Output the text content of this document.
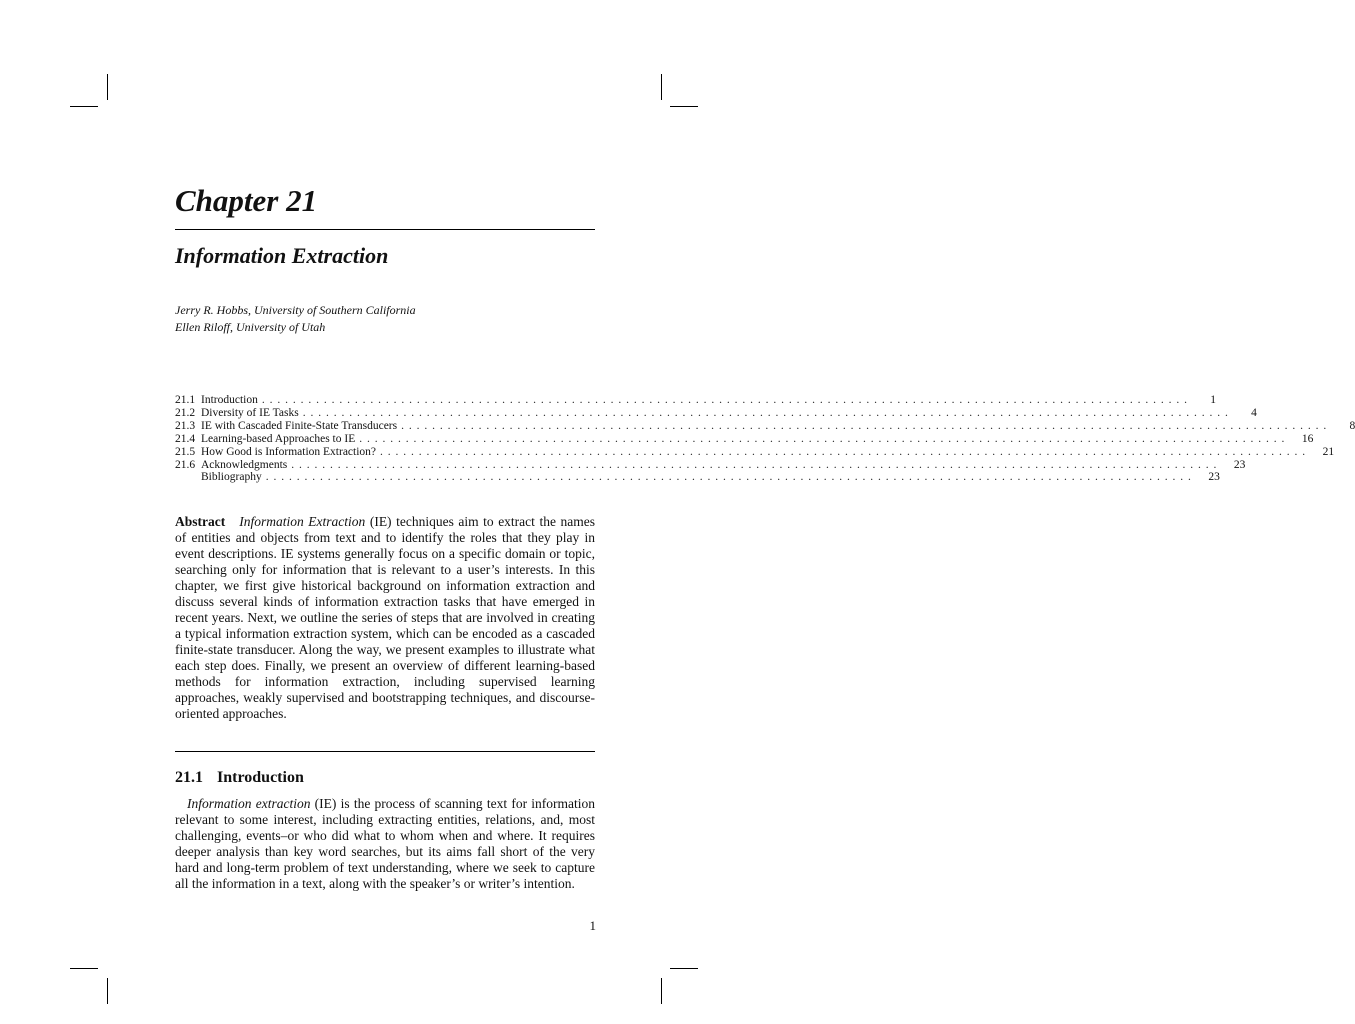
Chapter 21
Information Extraction
Jerry R. Hobbs, University of Southern California
Ellen Riloff, University of Utah
21.1 Introduction . . . . . . . . . . . . . . . . . . . . . . . . . . . . . . . . . . . . . . . . . . . . . . . . . . . . . . . . . . . . . . . . . . . . . . . . . . . . . . . . . . . . . . . . . . . . . . . . . . . . . . . . . . . . . . . . . . . . . . . .	1
21.2 Diversity of IE Tasks . . . . . . . . . . . . . . . . . . . . . . . . . . . . . . . . . . . . . . . . . . . . . . . . . . . . . . . . . . . . . . . . . . . . . . . . . . . . . . . . . . . . . . . . . . . . . . . . . . . . . . . . . . . . . . . . . . . . . . . .	4
21.3 IE with Cascaded Finite-State Transducers . . . . . . . . . . . . . . . . . . . . . . . . . . . . . . . . . . . . . . . . . . . . . . . . . . . . . . . . . . . . . . . . . . . . . . . . . . . . . . . . . . . . . . . . . . . . . . . . . . . . . . . . . . . . . . . . . . . . . . . .	8
21.4 Learning-based Approaches to IE . . . . . . . . . . . . . . . . . . . . . . . . . . . . . . . . . . . . . . . . . . . . . . . . . . . . . . . . . . . . . . . . . . . . . . . . . . . . . . . . . . . . . . . . . . . . . . . . . . . . . . . . . . . . . . . . . . . . . . . .	16
21.5 How Good is Information Extraction? . . . . . . . . . . . . . . . . . . . . . . . . . . . . . . . . . . . . . . . . . . . . . . . . . . . . . . . . . . . . . . . . . . . . . . . . . . . . . . . . . . . . . . . . . . . . . . . . . . . . . . . . . . . . . . . . . . . . . . . .	21
21.6 Acknowledgments . . . . . . . . . . . . . . . . . . . . . . . . . . . . . . . . . . . . . . . . . . . . . . . . . . . . . . . . . . . . . . . . . . . . . . . . . . . . . . . . . . . . . . . . . . . . . . . . . . . . . . . . . . . . . . . . . . . . . . . .	23
Bibliography . . . . . . . . . . . . . . . . . . . . . . . . . . . . . . . . . . . . . . . . . . . . . . . . . . . . . . . . . . . . . . . . . . . . . . . . . . . . . . . . . . . . . . . . . . . . . . . . . . . . . . . . . . . . . . . . . . . . . . . .	23

Abstract Information Extraction (IE) techniques aim to extract the names of entities and objects from text and to identify the roles that they play in event descriptions. IE systems generally focus on a specific domain or topic, searching only for information that is relevant to a user’s interests. In this chapter, we first give historical background on information extraction and discuss several kinds of information extraction tasks that have emerged in recent years. Next, we outline the series of steps that are involved in creating a typical information extraction system, which can be encoded as a cascaded finite-state transducer. Along the way, we present examples to illustrate what each step does. Finally, we present an overview of different learning-based methods for information extraction, including supervised learning approaches, weakly supervised and bootstrapping techniques, and discourse-oriented approaches.

21.1 Introduction

Information extraction (IE) is the process of scanning text for information relevant to some interest, including extracting entities, relations, and, most challenging, events–or who did what to whom when and where. It requires deeper analysis than key word searches, but its aims fall short of the very hard and long-term problem of text understanding, where we seek to capture all the information in a text, along with the speaker’s or writer’s intention.

1
